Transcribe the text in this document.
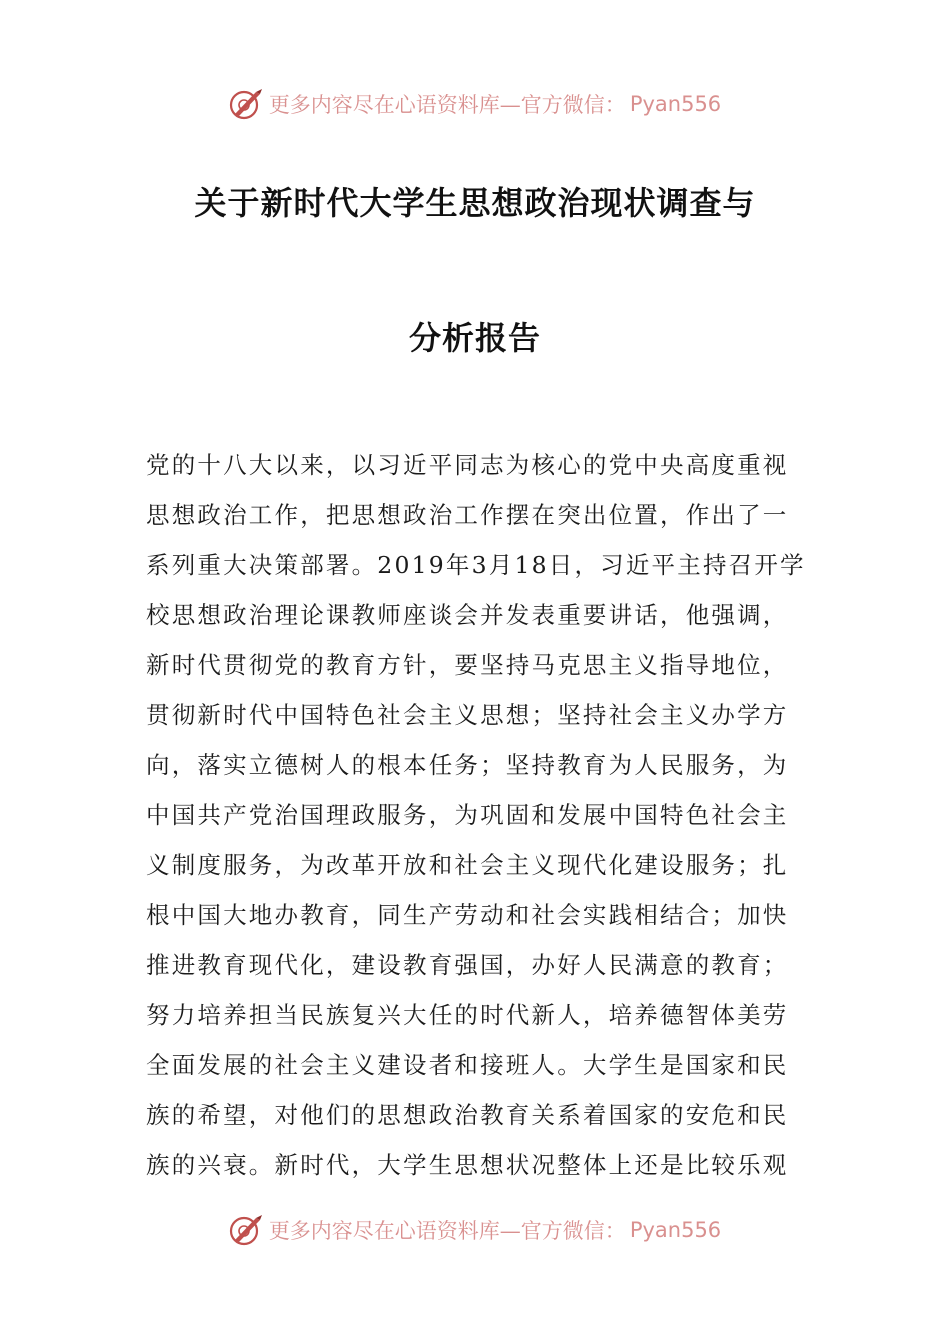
更多内容尽在心语资料库—官方微信： Pyan556
关于新时代大学生思想政治现状调查与
分析报告
党的十八大以来，以习近平同志为核心的党中央高度重视
思想政治工作，把思想政治工作摆在突出位置，作出了一
系列重大决策部署。2019年3月18日，习近平主持召开学
校思想政治理论课教师座谈会并发表重要讲话，他强调，
新时代贯彻党的教育方针，要坚持马克思主义指导地位，
贯彻新时代中国特色社会主义思想；坚持社会主义办学方
向，落实立德树人的根本任务；坚持教育为人民服务，为
中国共产党治国理政服务，为巩固和发展中国特色社会主
义制度服务，为改革开放和社会主义现代化建设服务；扎
根中国大地办教育，同生产劳动和社会实践相结合；加快
推进教育现代化，建设教育强国，办好人民满意的教育；
努力培养担当民族复兴大任的时代新人，培养德智体美劳
全面发展的社会主义建设者和接班人。大学生是国家和民
族的希望，对他们的思想政治教育关系着国家的安危和民
族的兴衰。新时代，大学生思想状况整体上还是比较乐观
更多内容尽在心语资料库—官方微信： Pyan556
